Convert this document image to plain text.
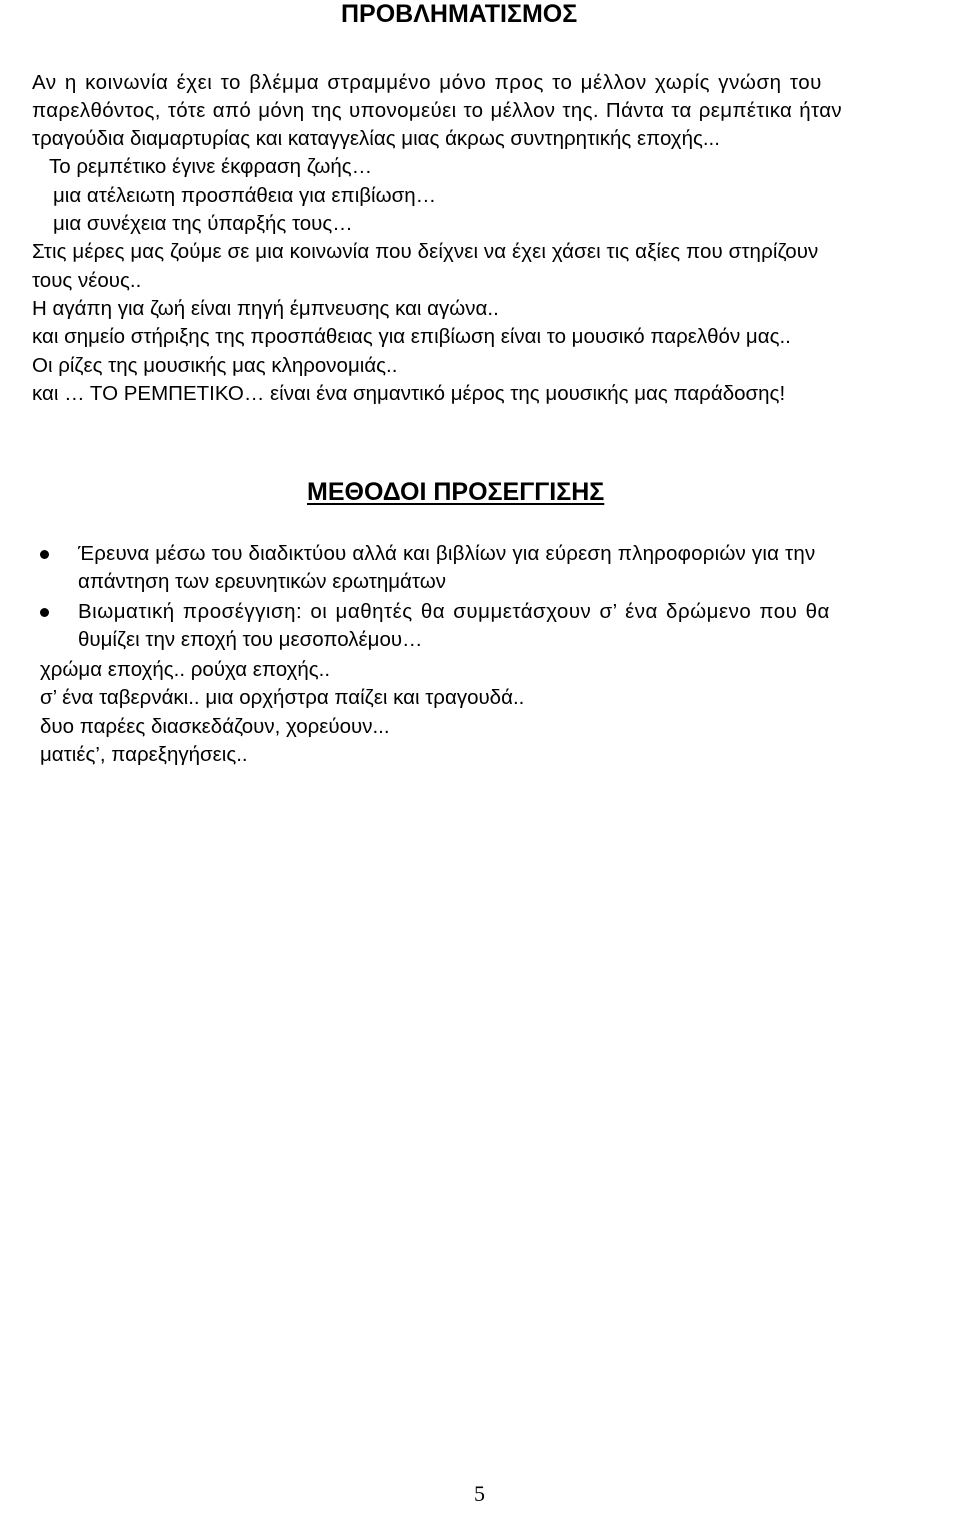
ΠΡΟΒΛΗΜΑΤΙΣΜΟΣ
Αν η κοινωνία έχει το βλέμμα στραμμένο μόνο προς το μέλλον χωρίς γνώση του
παρελθόντος, τότε από μόνη της υπονομεύει το μέλλον της. Πάντα τα ρεμπέτικα ήταν
τραγούδια διαμαρτυρίας και καταγγελίας μιας άκρως συντηρητικής εποχής...
Το ρεμπέτικο έγινε έκφραση ζωής…
μια ατέλειωτη προσπάθεια για επιβίωση…
μια συνέχεια της ύπαρξής τους…
Στις μέρες μας ζούμε σε μια κοινωνία που δείχνει να έχει χάσει τις αξίες που στηρίζουν
τους νέους..
Η αγάπη για ζωή είναι πηγή έμπνευσης και αγώνα..
και σημείο στήριξης της προσπάθειας για επιβίωση είναι το μουσικό παρελθόν μας..
Οι ρίζες της μουσικής μας κληρονομιάς..
και … ΤΟ ΡΕΜΠΕΤΙΚΟ… είναι ένα σημαντικό μέρος της μουσικής μας παράδοσης!
ΜΕΘΟΔΟΙ ΠΡΟΣΕΓΓΙΣΗΣ
Έρευνα μέσω του διαδικτύου αλλά και βιβλίων για εύρεση πληροφοριών για την
απάντηση των ερευνητικών ερωτημάτων
Βιωματική προσέγγιση: οι μαθητές θα συμμετάσχουν σ’ ένα δρώμενο που θα
θυμίζει την εποχή του μεσοπολέμου…
χρώμα εποχής.. ρούχα εποχής..
σ’ ένα ταβερνάκι.. μια ορχήστρα παίζει και τραγουδά..
δυο παρέες διασκεδάζουν, χορεύουν...
ματιές’, παρεξηγήσεις..
5
